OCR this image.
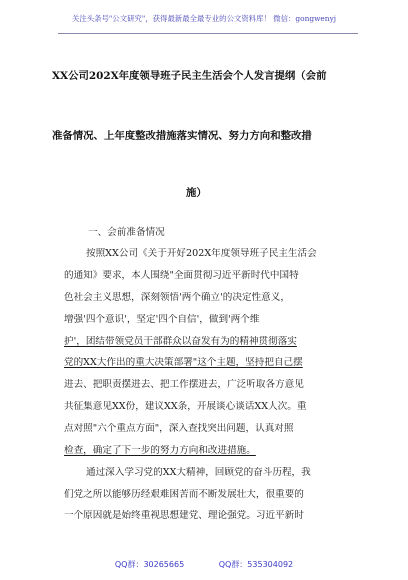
关注头条号"公文研究"，获得最新最全最专业的公文资料库！ 微信：gongwenyj
XX公司202X年度领导班子民主生活会个人发言提纲（会前
准备情况、上年度整改措施落实情况、努力方向和整改措
施）
一、会前准备情况
按照XX公司《关于开好202X年度领导班子民主生活会
的通知》要求，本人围绕"全面贯彻习近平新时代中国特
色社会主义思想，深刻领悟'两个确立'的决定性意义，
增强'四个意识'，坚定'四个自信'，做到'两个维
护'，团结带领党员干部群众以奋发有为的精神贯彻落实
党的XX大作出的重大决策部署"这个主题，坚持把自己摆
进去、把职责摆进去、把工作摆进去，广泛听取各方意见
共征集意见XX份，建议XX条，开展谈心谈话XX人次。重
点对照"六个重点方面"，深入查找突出问题，认真对照
检查，确定了下一步的努力方向和改进措施。
通过深入学习党的XX大精神，回顾党的奋斗历程，我
们党之所以能够历经艰难困苦而不断发展壮大，很重要的
一个原因就是始终重视思想建党、理论强党。习近平新时
QQ群：30265665	QQ群：535304092
